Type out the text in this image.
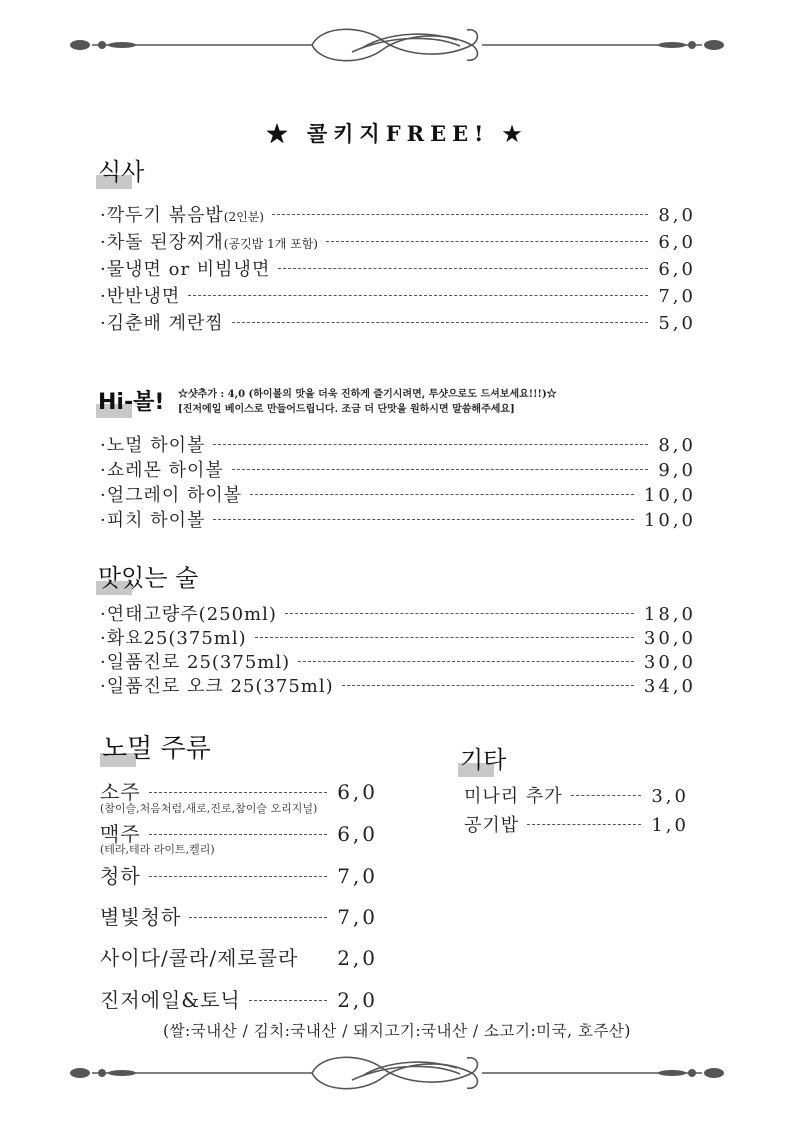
★ 콜키지FREE! ★
식사
·깍두기 볶음밥(2인분)	8,0
·차돌 된장찌개(공깃밥 1개 포함)	6,0
·물냉면 or 비빔냉면	6,0
·반반냉면	7,0
·김춘배 계란찜	5,0
Hi-볼!	☆샷추가 : 4,0 (하이볼의 맛을 더욱 진하게 즐기시려면, 투샷으로도 드셔보세요!!!)☆
[진저에일 베이스로 만들어드립니다. 조금 더 단맛을 원하시면 말씀해주세요]
·노멀 하이볼	8,0
·쇼레몬 하이볼	9,0
·얼그레이 하이볼	10,0
·피치 하이볼	10,0
맛있는 술
·연태고량주(250ml)	18,0
·화요25(375ml)	30,0
·일품진로 25(375ml)	30,0
·일품진로 오크 25(375ml)	34,0
노멀 주류
소주	6,0
(참이슬,처음처럼,새로,진로,참이슬 오리지널)
맥주	6,0
(테라,테라 라이트,켈리)
청하	7,0
별빛청하	7,0
사이다/콜라/제로콜라 2,0
진저에일&토닉	2,0
기타
미나리 추가	3,0
공기밥	1,0
(쌀:국내산 / 김치:국내산 / 돼지고기:국내산 / 소고기:미국, 호주산)
